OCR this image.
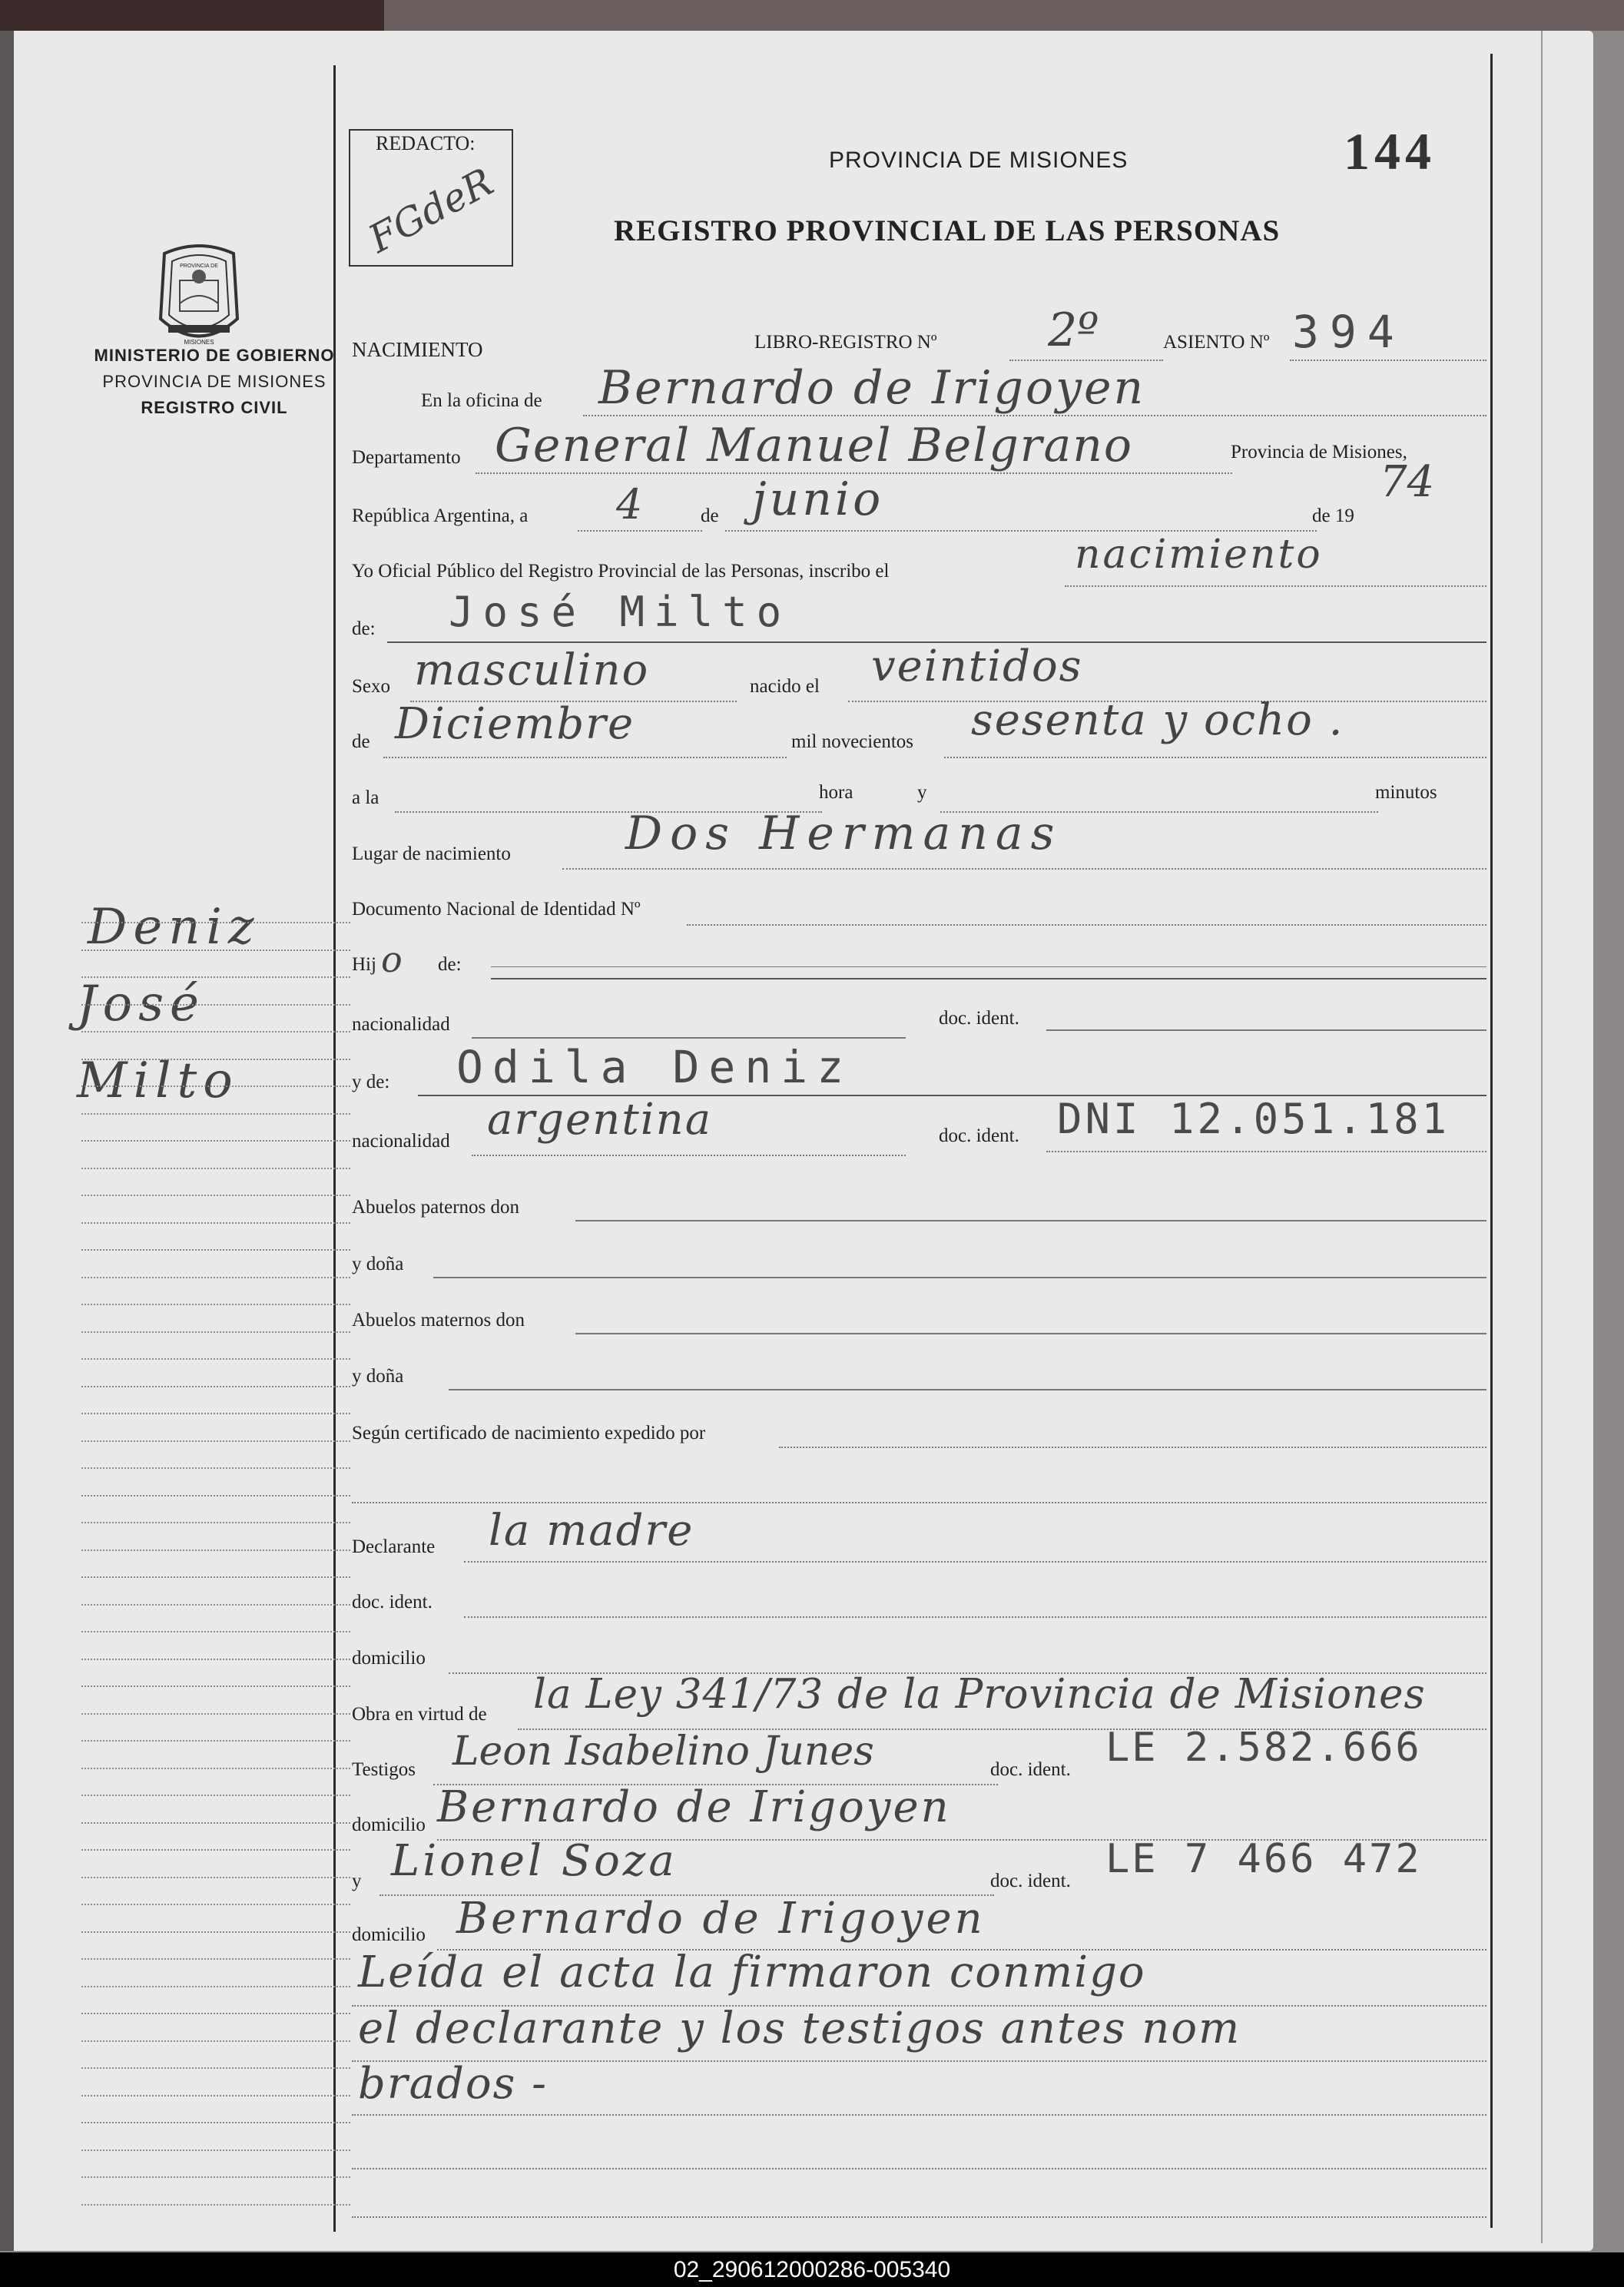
PROVINCIA DE
MISIONES
MINISTERIO DE GOBIERNO
PROVINCIA DE MISIONES
REGISTRO CIVIL
Deniz
José
Milto
REDACTO:
FGdeR	PROVINCIA DE MISIONES	144
REGISTRO PROVINCIAL DE LAS PERSONAS
NACIMIENTO	LIBRO-REGISTRO Nº 2º	ASIENTO Nº 394
En la oficina de Bernardo de Irigoyen
Departamento General Manuel Belgrano	Provincia de Misiones,
República Argentina, a 4	de junio	de 19
74
Yo Oficial Público del Registro Provincial de las Personas, inscribo el	nacimiento
de: José Milto
Sexo masculino	nacido el veintidos
de Diciembre	mil novecientos sesenta y ocho .
a la	hora	y	minutos
Lugar de nacimiento Dos Hermanas
Documento Nacional de Identidad Nº
Hij o de:
nacionalidad	doc. ident.
y de: Odila Deniz
nacionalidad argentina	doc. ident. DNI 12.051.181
Abuelos paternos don
y doña
Abuelos maternos don
y doña
Según certificado de nacimiento expedido por
Declarante la madre
doc. ident.
domicilio
Obra en virtud de la Ley 341/73 de la Provincia de Misiones
Testigos Leon Isabelino Junes	doc. ident. LE 2.582.666
domicilio Bernardo de Irigoyen
y Lionel Soza	doc. ident. LE 7 466 472
domicilio Bernardo de Irigoyen
Leída el acta la firmaron conmigo
el declarante y los testigos antes nom
brados -
02_290612000286-005340
